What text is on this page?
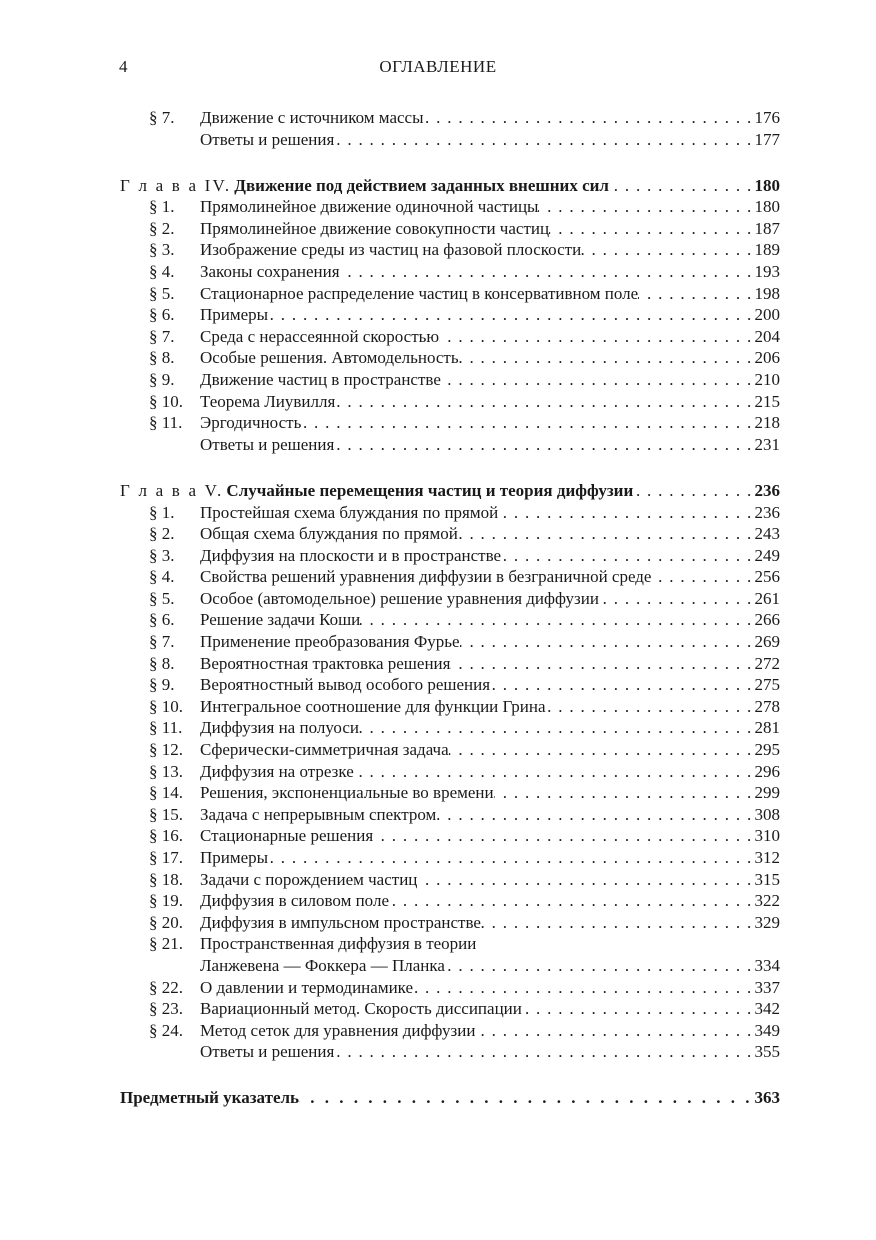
4	ОГЛАВЛЕНИЕ
§ 7.	Движение с источником массы . . .	176
Ответы и решения . . .	177
Г л а в а IV. Движение под действием заданных внешних сил . . .	180
§ 1.	Прямолинейное движение одиночной частицы . . .	180
§ 2.	Прямолинейное движение совокупности частиц . . .	187
§ 3.	Изображение среды из частиц на фазовой плоскости . . .	189
§ 4.	Законы сохранения . . .	193
§ 5.	Стационарное распределение частиц в консервативном поле . . .	198
§ 6.	Примеры . . .	200
§ 7.	Среда с нерассеянной скоростью . . .	204
§ 8.	Особые решения. Автомодельность . . .	206
§ 9.	Движение частиц в пространстве . . .	210
§ 10.	Теорема Лиувилля . . .	215
§ 11.	Эргодичность . . .	218
Ответы и решения . . .	231
Г л а в а V. Случайные перемещения частиц и теория диффузии . . .	236
§ 1.	Простейшая схема блуждания по прямой . . .	236
§ 2.	Общая схема блуждания по прямой . . .	243
§ 3.	Диффузия на плоскости и в пространстве . . .	249
§ 4.	Свойства решений уравнения диффузии в безграничной среде . . .	256
§ 5.	Особое (автомодельное) решение уравнения диффузии . . .	261
§ 6.	Решение задачи Коши . . .	266
§ 7.	Применение преобразования Фурье . . .	269
§ 8.	Вероятностная трактовка решения . . .	272
§ 9.	Вероятностный вывод особого решения . . .	275
§ 10.	Интегральное соотношение для функции Грина . . .	278
§ 11.	Диффузия на полуоси . . .	281
§ 12.	Сферически-симметричная задача . . .	295
§ 13.	Диффузия на отрезке . . .	296
§ 14.	Решения, экспоненциальные во времени . . .	299
§ 15.	Задача с непрерывным спектром . . .	308
§ 16.	Стационарные решения . . .	310
§ 17.	Примеры . . .	312
§ 18.	Задачи с порождением частиц . . .	315
§ 19.	Диффузия в силовом поле . . .	322
§ 20.	Диффузия в импульсном пространстве . . .	329
§ 21.	Пространственная диффузия в теории
Ланжевена — Фоккера — Планка . . .	334
§ 22.	О давлении и термодинамике . . .	337
§ 23.	Вариационный метод. Скорость диссипации . . .	342
§ 24.	Метод сеток для уравнения диффузии . . .	349
Ответы и решения . . .	355
Предметный указатель . . .	363
